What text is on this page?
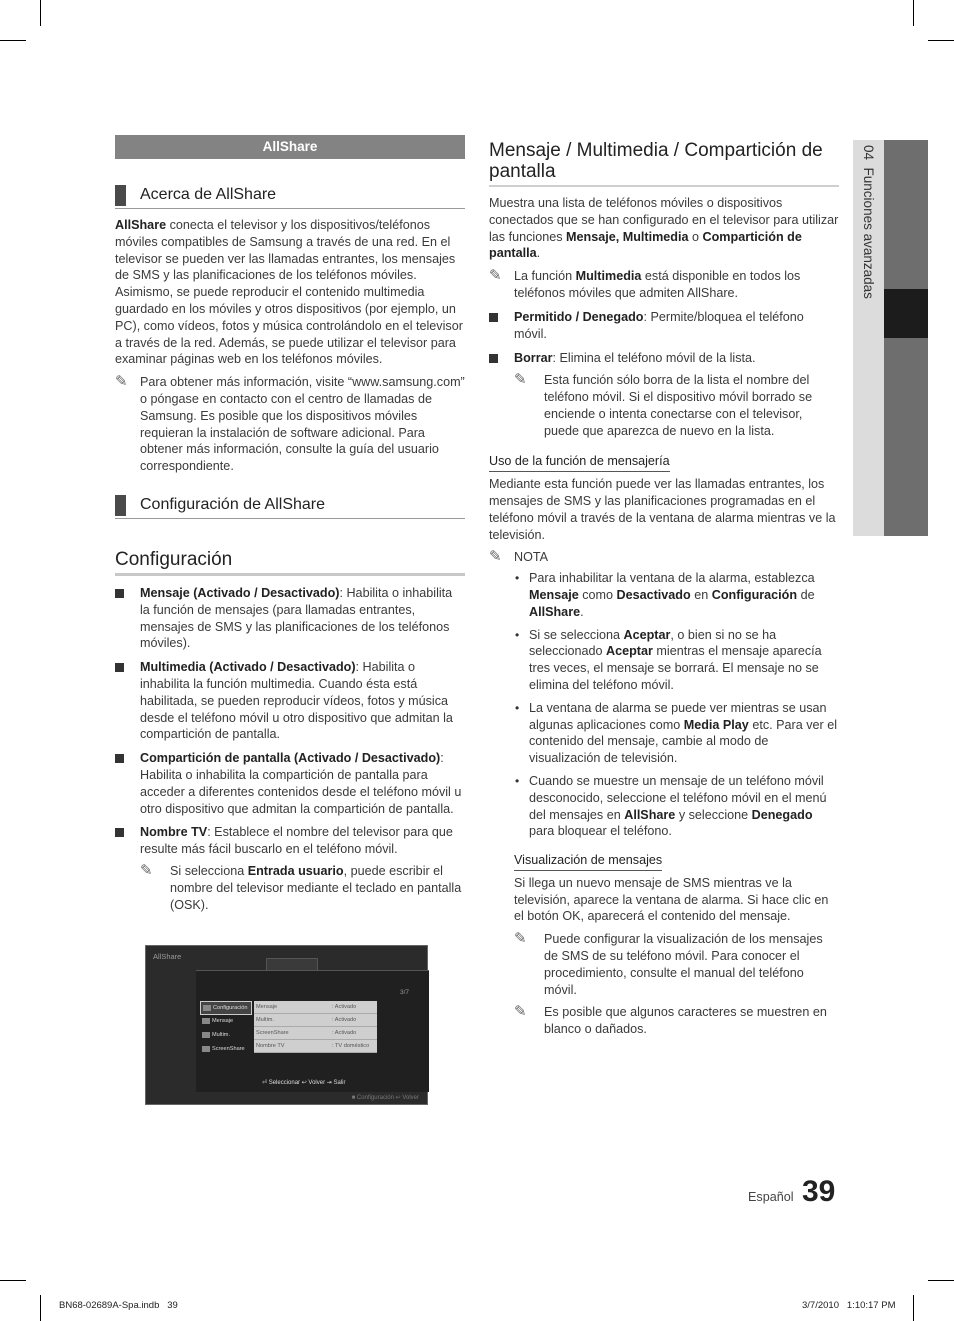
AllShare
Acerca de AllShare

AllShare conecta el televisor y los dispositivos/teléfonos móviles compatibles de Samsung a través de una red. En el televisor se pueden ver las llamadas entrantes, los mensajes de SMS y las planificaciones de los teléfonos móviles. Asimismo, se puede reproducir el contenido multimedia guardado en los móviles y otros dispositivos (por ejemplo, un PC), como vídeos, fotos y música controlándolo en el televisor a través de la red. Además, se puede utilizar el televisor para examinar páginas web en los teléfonos móviles.

✎ Para obtener más información, visite “www.samsung.com” o póngase en contacto con el centro de llamadas de Samsung. Es posible que los dispositivos móviles requieran la instalación de software adicional. Para obtener más información, consulte la guía del usuario correspondiente.
Configuración de AllShare
Configuración
Mensaje (Activado / Desactivado): Habilita o inhabilita la función de mensajes (para llamadas entrantes, mensajes de SMS y las planificaciones de los teléfonos móviles).
Multimedia (Activado / Desactivado): Habilita o inhabilita la función multimedia. Cuando ésta está habilitada, se pueden reproducir vídeos, fotos y música desde el teléfono móvil u otro dispositivo que admitan la compartición de pantalla.
Compartición de pantalla (Activado / Desactivado): Habilita o inhabilita la compartición de pantalla para acceder a diferentes contenidos desde el teléfono móvil u otro dispositivo que admitan la compartición de pantalla.
Nombre TV: Establece el nombre del televisor para que resulte más fácil buscarlo en el teléfono móvil.
✎ Si selecciona Entrada usuario, puede escribir el nombre del televisor mediante el teclado en pantalla (OSK).
AllShare
3/7
Configuración
Mensaje
Multim.
ScreenShare
Mensaje	: Activado
Multim.	: Activado
ScreenShare	: Activado
Nombre TV	: TV doméstico
⏎ Seleccionar ↩ Volver ⇥ Salir
■ Configuración ↩ Volver
Mensaje / Multimedia / Compartición de pantalla

Muestra una lista de teléfonos móviles o dispositivos conectados que se han configurado en el televisor para utilizar las funciones Mensaje, Multimedia o Compartición de pantalla.

✎ La función Multimedia está disponible en todos los teléfonos móviles que admiten AllShare.
Permitido / Denegado: Permite/bloquea el teléfono móvil.
Borrar: Elimina el teléfono móvil de la lista.
✎ Esta función sólo borra de la lista el nombre del teléfono móvil. Si el dispositivo móvil borrado se enciende o intenta conectarse con el televisor, puede que aparezca de nuevo en la lista.
Uso de la función de mensajería

Mediante esta función puede ver las llamadas entrantes, los mensajes de SMS y las planificaciones programadas en el teléfono móvil a través de la ventana de alarma mientras ve la televisión.

✎ NOTA
• Para inhabilitar la ventana de la alarma, establezca Mensaje como Desactivado en Configuración de AllShare.
• Si se selecciona Aceptar, o bien si no se ha seleccionado Aceptar mientras el mensaje aparecía tres veces, el mensaje se borrará. El mensaje no se elimina del teléfono móvil.
• La ventana de alarma se puede ver mientras se usan algunas aplicaciones como Media Play etc. Para ver el contenido del mensaje, cambie al modo de visualización de televisión.
• Cuando se muestre un mensaje de un teléfono móvil desconocido, seleccione el teléfono móvil en el menú del mensajes en AllShare y seleccione Denegado para bloquear el teléfono.
Visualización de mensajes

Si llega un nuevo mensaje de SMS mientras ve la televisión, aparece la ventana de alarma. Si hace clic en el botón OK, aparecerá el contenido del mensaje.

✎ Puede configurar la visualización de los mensajes de SMS de su teléfono móvil. Para conocer el procedimiento, consulte el manual del teléfono móvil.
✎ Es posible que algunos caracteres se muestren en blanco o dañados.
04  Funciones avanzadas
Español 39
BN68-02689A-Spa.indb   39	3/7/2010   1:10:17 PM
